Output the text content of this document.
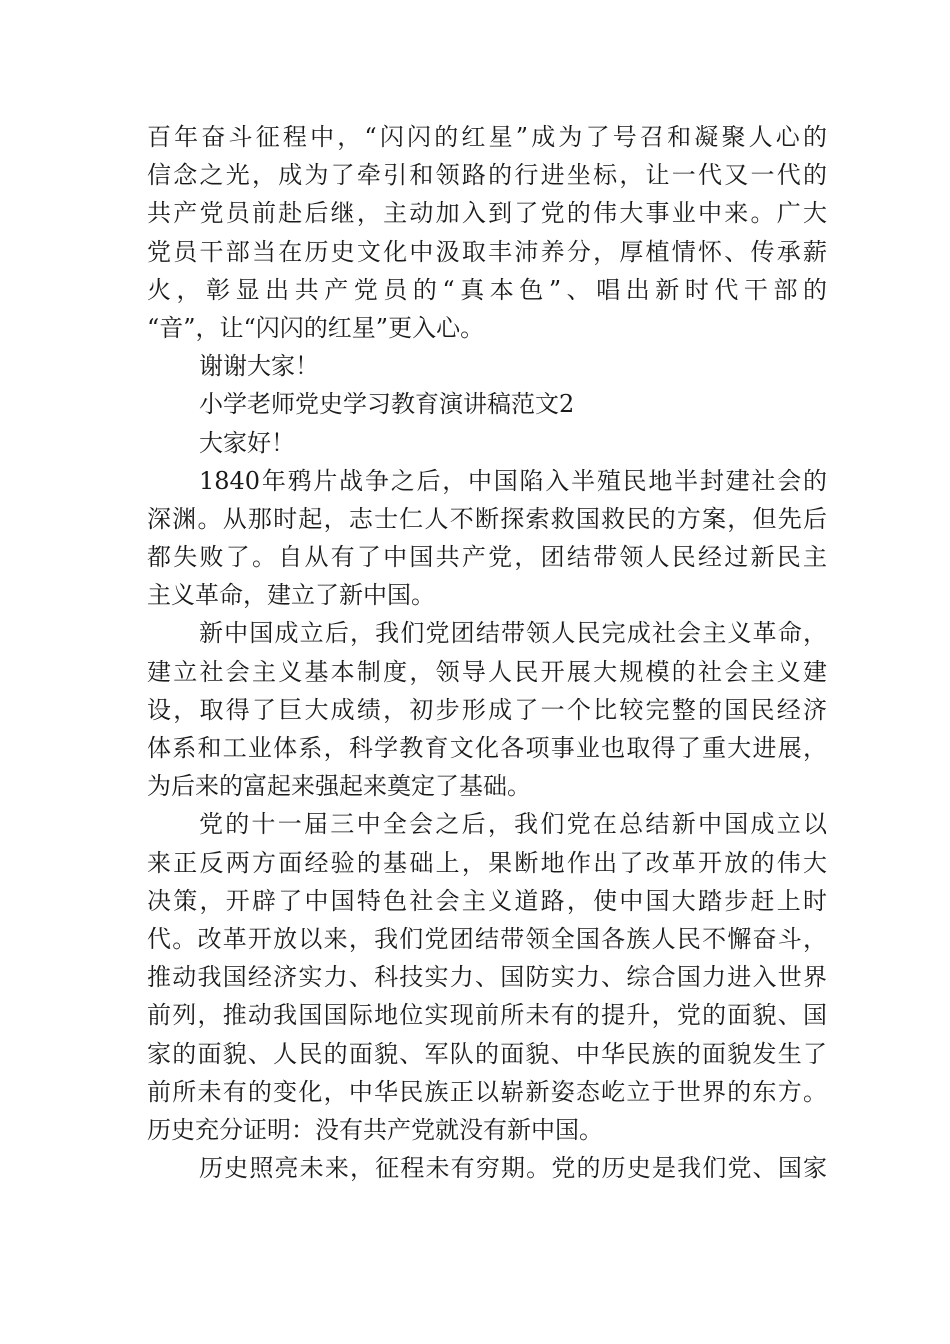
百年奋斗征程中，“闪闪的红星”成为了号召和凝聚人心的
信念之光，成为了牵引和领路的行进坐标，让一代又一代的
共产党员前赴后继，主动加入到了党的伟大事业中来。广大
党员干部当在历史文化中汲取丰沛养分，厚植情怀、传承薪
火，彰显出共产党员的“真本色”、唱出新时代干部的
“音”，让“闪闪的红星”更入心。
谢谢大家！
小学老师党史学习教育演讲稿范文2
大家好！
1840年鸦片战争之后，中国陷入半殖民地半封建社会的
深渊。从那时起，志士仁人不断探索救国救民的方案，但先后
都失败了。自从有了中国共产党，团结带领人民经过新民主
主义革命，建立了新中国。
新中国成立后，我们党团结带领人民完成社会主义革命，
建立社会主义基本制度，领导人民开展大规模的社会主义建
设，取得了巨大成绩，初步形成了一个比较完整的国民经济
体系和工业体系，科学教育文化各项事业也取得了重大进展，
为后来的富起来强起来奠定了基础。
党的十一届三中全会之后，我们党在总结新中国成立以
来正反两方面经验的基础上，果断地作出了改革开放的伟大
决策，开辟了中国特色社会主义道路，使中国大踏步赶上时
代。改革开放以来，我们党团结带领全国各族人民不懈奋斗，
推动我国经济实力、科技实力、国防实力、综合国力进入世界
前列，推动我国国际地位实现前所未有的提升，党的面貌、国
家的面貌、人民的面貌、军队的面貌、中华民族的面貌发生了
前所未有的变化，中华民族正以崭新姿态屹立于世界的东方。
历史充分证明：没有共产党就没有新中国。
历史照亮未来，征程未有穷期。党的历史是我们党、国家
